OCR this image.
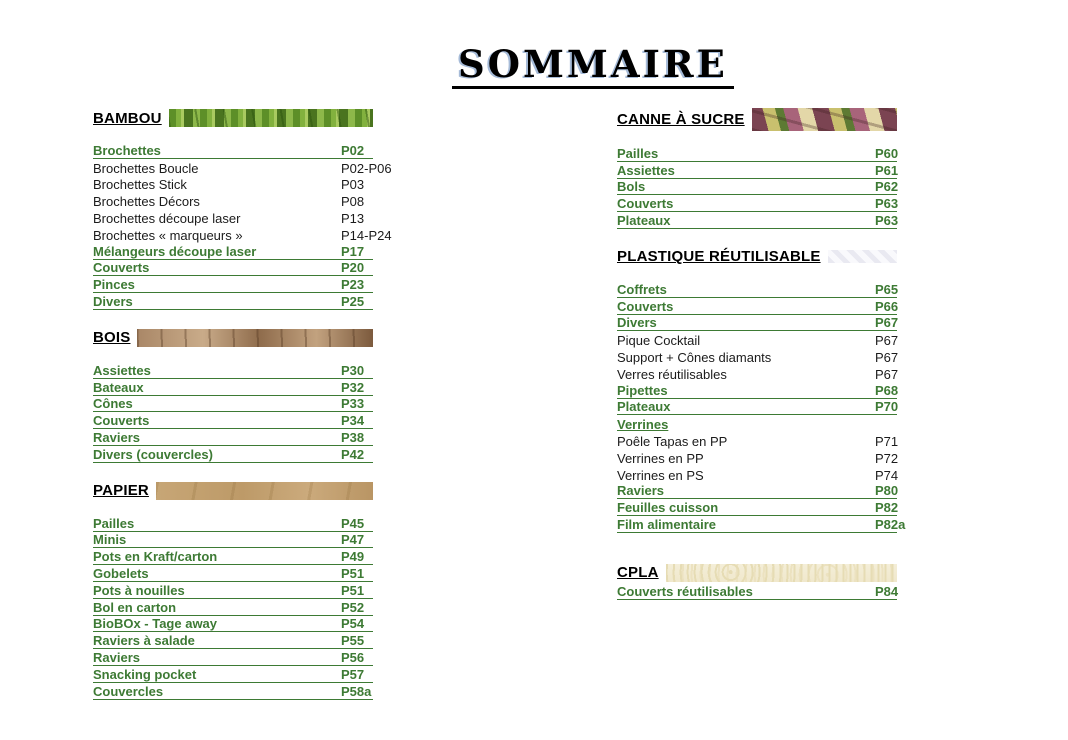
SOMMAIRE
BAMBOU
Brochettes	P02
Brochettes Boucle	P02-P06
Brochettes Stick	P03
Brochettes Décors	P08
Brochettes découpe laser	P13
Brochettes « marqueurs »	P14-P24
Mélangeurs découpe laser	P17
Couverts	P20
Pinces	P23
Divers	P25
BOIS
Assiettes	P30
Bateaux	P32
Cônes	P33
Couverts	P34
Raviers	P38
Divers (couvercles)	P42
PAPIER
Pailles	P45
Minis	P47
Pots en Kraft/carton	P49
Gobelets	P51
Pots à nouilles	P51
Bol en carton	P52
BioBOx - Tage away	P54
Raviers à salade	P55
Raviers	P56
Snacking pocket	P57
Couvercles	P58a
CANNE À SUCRE
Pailles	P60
Assiettes	P61
Bols	P62
Couverts	P63
Plateaux	P63
PLASTIQUE RÉUTILISABLE
Coffrets	P65
Couverts	P66
Divers	P67
Pique Cocktail	P67
Support + Cônes diamants	P67
Verres réutilisables	P67
Pipettes	P68
Plateaux	P70
Verrines
Poêle Tapas en PP	P71
Verrines en PP	P72
Verrines en PS	P74
Raviers	P80
Feuilles cuisson	P82
Film alimentaire	P82a
CPLA
Couverts réutilisables	P84
